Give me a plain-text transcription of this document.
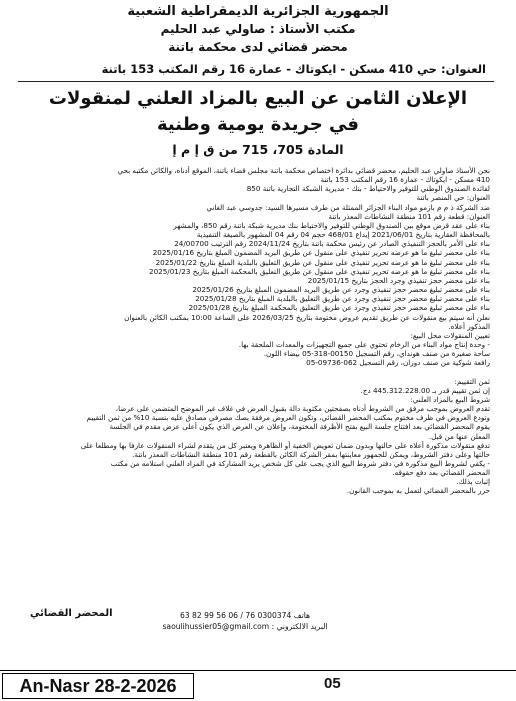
الجمهورية الجزائرية الديمقراطية الشعبية
مكتب الأستاذ : صاولي عبد الحليم
محضر قضائي لدى محكمة باتنة
العنوان: حي 410 مسكن - ايكوتاك - عمارة 16 رقم المكتب 153 باتنة
الإعلان الثامن عن البيع بالمزاد العلني لمنقولات
في جريدة يومية وطنية
المادة 705، 715 من ق إ م إ
نحن الأستاذ صاولي عبد الحليم، محضر قضائي بدائرة اختصاص محكمة باتنة مجلس قضاء باتنة، الموقع أدناه، والكائن مكتبه بحي
410 مسكن - ايكوتاك - عمارة 16 رقم المكتب 153 باتنة
لفائدة الصندوق الوطني للتوفير والاحتياط - بنك - مديرية الشبكة التجارية باتنة 850
العنوان: حي المنصر باتنة
ضد الشركة ذ م م بازمو مواد البناء الجزائر الممثلة من طرف مسيرها السيد: جدوسي عبد الغاني
العنوان: قطعة رقم 101 منطقة النشاطات المعذر باتنة
بناء على عقد قرض موقع بين الصندوق الوطني للتوفير والاحتياط بنك مديرية شبكة باتنة رقم 850، والمشهر
بالمحافظة العقارية بتاريخ 2021/06/01 إيداع 468/01 حجم 04 رقم 04 المشهور بالصيغة التنفيذية
بناء على الأمر بالحجز التنفيذي الصادر عن رئيس محكمة باتنة بتاريخ 2024/11/24 رقم الترتيب 24/00700
بناء على محضر تبليغ ما هو عرضه تحرير تنفيذي على منقول عن طريق البريد المضمون المبلغ بتاريخ 2025/01/16
بناء على محضر تبليغ ما هو عرضه تحرير تنفيذي على منقول عن طريق التعليق بالبلدية المبلغ بتاريخ 2025/01/22
بناء على محضر تبليغ ما هو عرضه تحرير تنفيذي على منقول عن طريق التعليق بالمحكمة المبلغ بتاريخ 2025/01/23
بناء على محضر حجز تنفيذي وجرد الحجز بتاريخ 2025/01/15
بناء على محضر تبليغ محضر حجز تنفيذي وجرد عن طريق البريد المضمون المبلغ بتاريخ 2025/01/26
بناء على محضر تبليغ محضر حجز تنفيذي وجرد عن طريق التعليق بالبلدية المبلغ بتاريخ 2025/01/28
بناء على محضر تبليغ محضر حجز تنفيذي وجرد عن طريق التعليق بالمحكمة المبلغ بتاريخ 2025/01/28
نعلن أنه سيتم بيع منقولات عن طريق تقديم عروض مختومة بتاريخ 2026/03/25 على الساعة 10:00 بمكتب الكائن بالعنوان
المذكور أعلاه.
تعيين المنقولات محل البيع:
- وحدة إنتاج مواد البناء من الرخام تحتوي على جميع التجهيزات والمعدات الملحقة بها.
ساحة صغيرة من صنف هونداي، رقم التسجيل 00150-318-05 بيضاء اللون.
رافعة شوكية من صنف دوزان، رقم التسجيل 062-09736-05

ثمن التقييم:
إن ثمن تقييم قدر بـ 445.312.228.00 دج.
شروط البيع بالمزاد العلني:
تقدم العروض بموجب مرفق من الشروط أدناه بصفحتين مكتوبة دالة بقبول العرض في غلاف غير الموضح المتضمن على عرضا،
وتودع العروض في ظرف مختوم بمكتب المحضر القضائي، وتكون العروض مرفقة بصك مصرفي مصادق عليه بنسبة 10% من ثمن التقييم
يقوم المحضر القضائي بعد افتتاح جلسة البيع بفتح الأظرفة المختومة، وإعلان عن العرض الذي يكون أعلى عرض مقدم في الجلسة
المعلن عنها من قبل.
تدفع منقولات مذكورة أعلاه على حالتها وبدون ضمان تعويض الخفية أو الظاهرة ويعتبر كل من يتقدم لشراء المنقولات عارفا بها ومطلعا على
حالتها وعلى دفتر الشروط، ويمكن للجمهور معاينتها بمقر الشركة الكائن بالقطعة رقم 101 منطقة النشاطات المعذر باتنة.
- يكفي لشروط البيع مذكورة في دفتر شروط البيع الذي يجب على كل شخص يريد المشاركة في المزاد العلني استلامه من مكتب
المحضر القضائي بعد دفع حقوقه.
إثبات بذلك.
حرر بالمحضر القضائي لتعمل به بموجب القانون.
المحضر القضائي	هاتف 0300374 76 / 06 56 99 82 63
البريد الالكتروني : saoulihussier05@gmail.com
An-Nasr 28-2-2026	05
